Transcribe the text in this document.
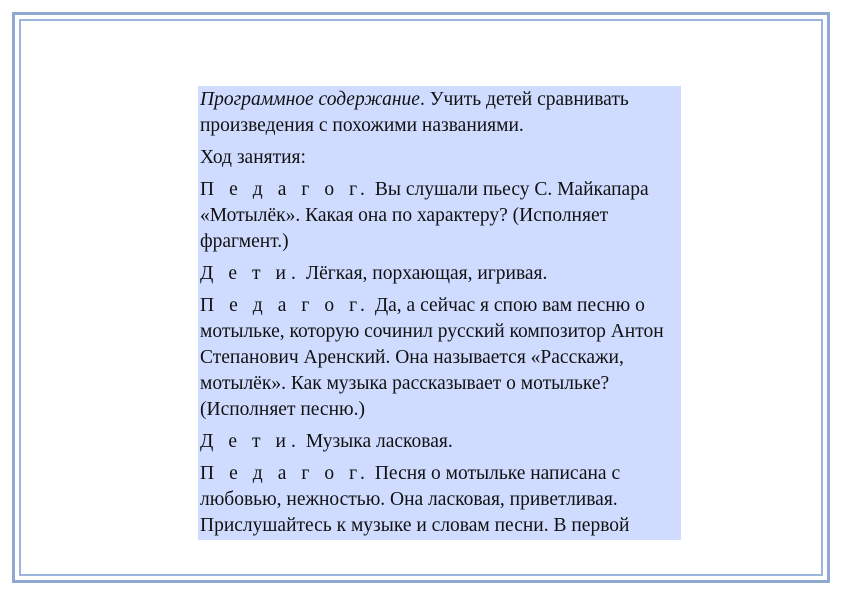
Программное содержание. Учить детей сравнивать произведения с похожими названиями.

Ход занятия:

П е д а г о г. Вы слушали пьесу С. Майкапара «Мотылёк». Какая она по характеру? (Исполняет фрагмент.)

Д е т и. Лёгкая, порхающая, игривая.

П е д а г о г. Да, а сейчас я спою вам песню о мотыльке, которую сочинил русский композитор Антон Степанович Аренский. Она называется «Расскажи, мотылёк». Как музыка рассказывает о мотыльке? (Исполняет песню.)

Д е т и. Музыка ласковая.

П е д а г о г. Песня о мотыльке написана с любовью, нежностью. Она ласковая, приветливая. Прислушайтесь к музыке и словам песни. В первой
